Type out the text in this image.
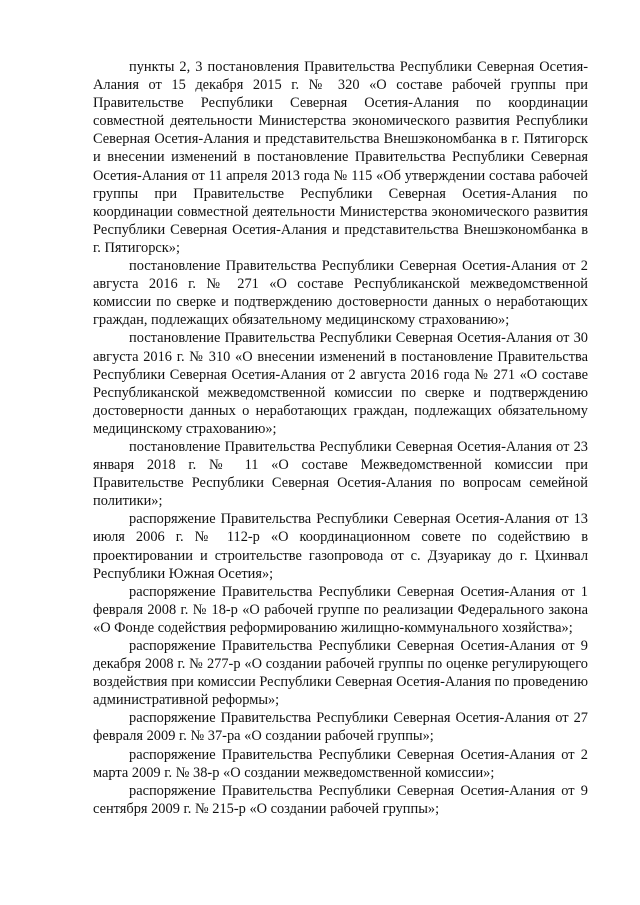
пункты 2, 3 постановления Правительства Республики Северная Осетия-Алания от 15 декабря 2015 г. № 320 «О составе рабочей группы при Правительстве Республики Северная Осетия-Алания по координации совместной деятельности Министерства экономического развития Республики Северная Осетия-Алания и представительства Внешэкономбанка в г. Пятигорск и внесении изменений в постановление Правительства Республики Северная Осетия-Алания от 11 апреля 2013 года № 115 «Об утверждении состава рабочей группы при Правительстве Республики Северная Осетия-Алания по координации совместной деятельности Министерства экономического развития Республики Северная Осетия-Алания и представительства Внешэкономбанка в г. Пятигорск»;

постановление Правительства Республики Северная Осетия-Алания от 2 августа 2016 г. № 271 «О составе Республиканской межведомственной комиссии по сверке и подтверждению достоверности данных о неработающих граждан, подлежащих обязательному медицинскому страхованию»;

постановление Правительства Республики Северная Осетия-Алания от 30 августа 2016 г. № 310 «О внесении изменений в постановление Правительства Республики Северная Осетия-Алания от 2 августа 2016 года № 271 «О составе Республиканской межведомственной комиссии по сверке и подтверждению достоверности данных о неработающих граждан, подлежащих обязательному медицинскому страхованию»;

постановление Правительства Республики Северная Осетия-Алания от 23 января 2018 г. № 11 «О составе Межведомственной комиссии при Правительстве Республики Северная Осетия-Алания по вопросам семейной политики»;

распоряжение Правительства Республики Северная Осетия-Алания от 13 июля 2006 г. № 112-р «О координационном совете по содействию в проектировании и строительстве газопровода от с. Дзуарикау до г. Цхинвал Республики Южная Осетия»;

распоряжение Правительства Республики Северная Осетия-Алания от 1 февраля 2008 г. № 18-р «О рабочей группе по реализации Федерального закона «О Фонде содействия реформированию жилищно-коммунального хозяйства»;

распоряжение Правительства Республики Северная Осетия-Алания от 9 декабря 2008 г. № 277-р «О создании рабочей группы по оценке регулирующего воздействия при комиссии Республики Северная Осетия-Алания по проведению административной реформы»;

распоряжение Правительства Республики Северная Осетия-Алания от 27 февраля 2009 г. № 37-ра «О создании рабочей группы»;

распоряжение Правительства Республики Северная Осетия-Алания от 2 марта 2009 г. № 38-р «О создании межведомственной комиссии»;

распоряжение Правительства Республики Северная Осетия-Алания от 9 сентября 2009 г. № 215-р «О создании рабочей группы»;
